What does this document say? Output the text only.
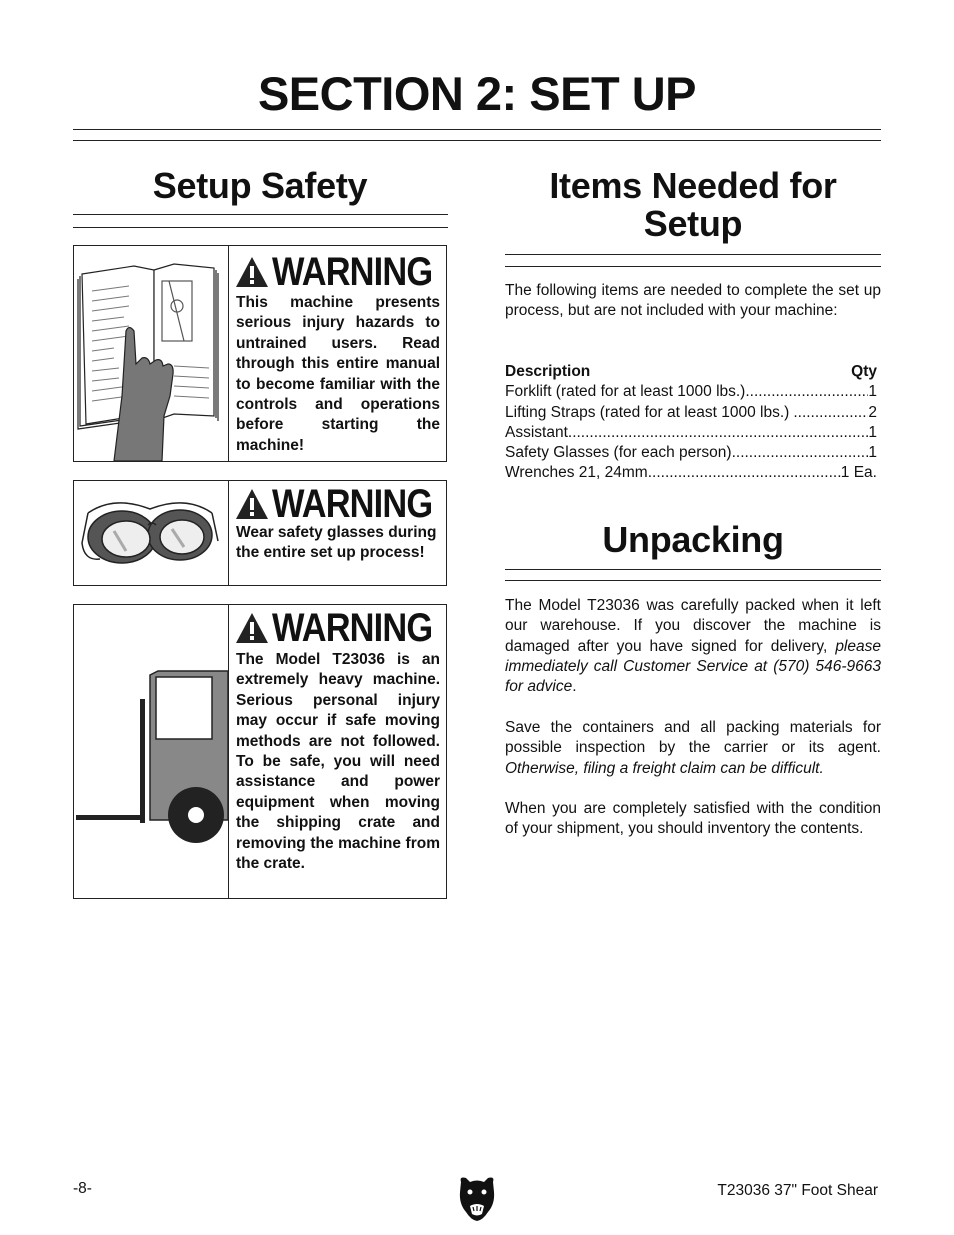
SECTION 2: SET UP
Setup Safety
WARNING
This machine presents serious injury hazards to untrained users. Read through this entire manual to become familiar with the controls and operations before starting the machine!
WARNING
Wear safety glasses during the entire set up process!
WARNING
The Model T23036 is an extremely heavy machine. Serious personal injury may occur if safe moving methods are not followed. To be safe, you will need assistance and power equipment when moving the shipping crate and removing the machine from the crate.
Items Needed for
Setup
The following items are needed to complete the set up process, but are not included with your machine:
Description	Qty
Forklift (rated for at least 1000 lbs.) .....	1
Lifting Straps (rated for at least 1000 lbs.) .....	2
Assistant .....	1
Safety Glasses (for each person) .....	1
Wrenches 21, 24mm .....	1 Ea.
Unpacking
The Model T23036 was carefully packed when it left our warehouse. If you discover the machine is damaged after you have signed for delivery, please immediately call Customer Service at (570) 546-9663 for advice.
Save the containers and all packing materials for possible inspection by the carrier or its agent. Otherwise, filing a freight claim can be difficult.
When you are completely satisfied with the condition of your shipment, you should inventory the contents.
-8-	T23036 37" Foot Shear
